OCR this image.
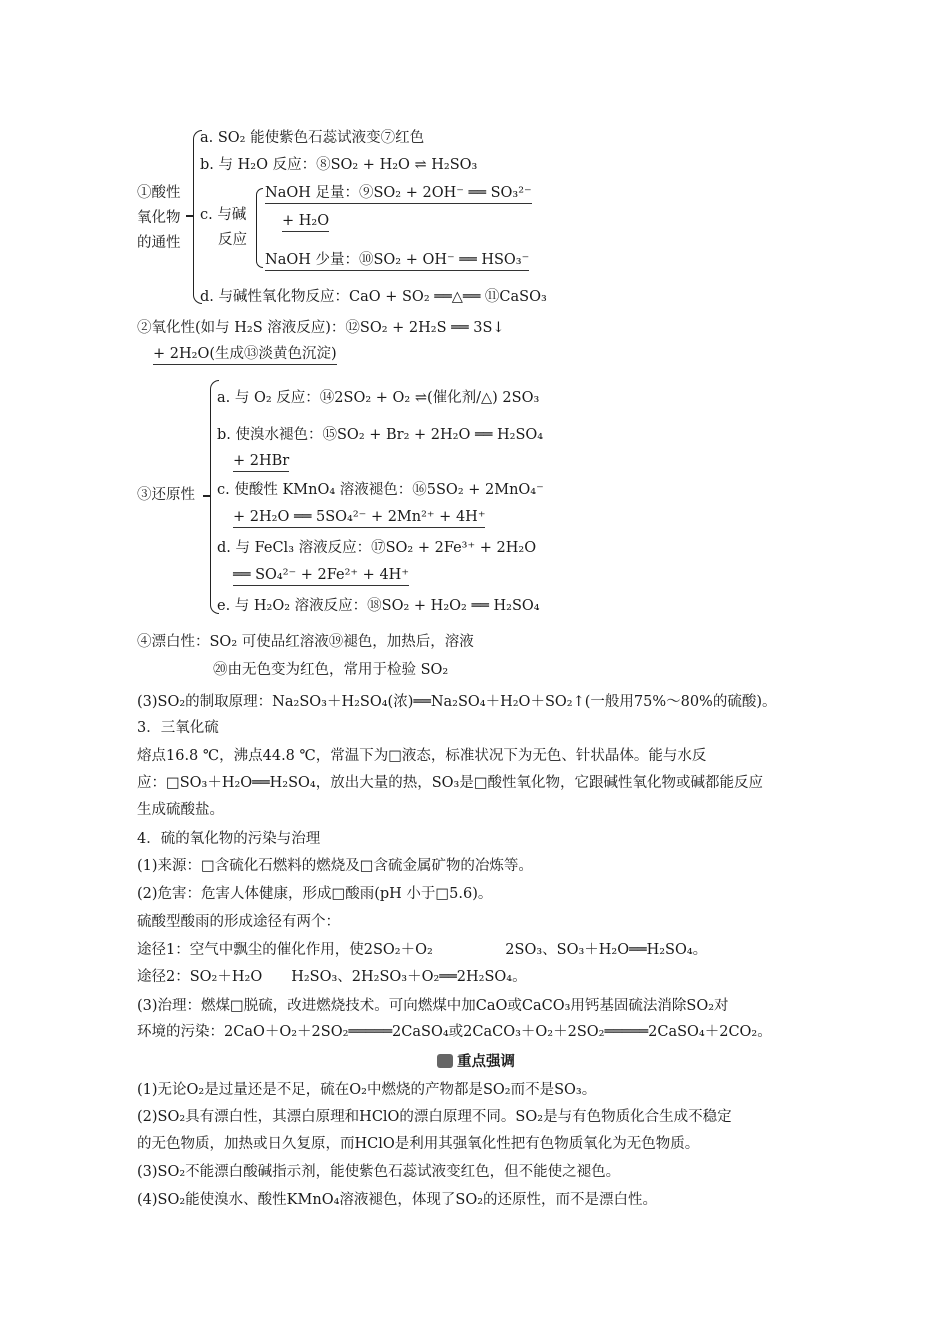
①酸性
氧化物
的通性
a. SO₂ 能使紫色石蕊试液变⑦红色
b. 与 H₂O 反应：⑧SO₂ + H₂O ⇌ H₂SO₃
c. 与碱
反应
NaOH 足量：⑨SO₂ + 2OH⁻ ══ SO₃²⁻
+ H₂O
NaOH 少量：⑩SO₂ + OH⁻ ══ HSO₃⁻
d. 与碱性氧化物反应：CaO + SO₂ ══△══ ⑪CaSO₃
②氧化性(如与 H₂S 溶液反应)：⑫SO₂ + 2H₂S ══ 3S↓
+ 2H₂O(生成⑬淡黄色沉淀)
③还原性
a. 与 O₂ 反应：⑭2SO₂ + O₂ ⇌(催化剂/△) 2SO₃
b. 使溴水褪色：⑮SO₂ + Br₂ + 2H₂O ══ H₂SO₄
+ 2HBr
c. 使酸性 KMnO₄ 溶液褪色：⑯5SO₂ + 2MnO₄⁻
+ 2H₂O ══ 5SO₄²⁻ + 2Mn²⁺ + 4H⁺
d. 与 FeCl₃ 溶液反应：⑰SO₂ + 2Fe³⁺ + 2H₂O
══ SO₄²⁻ + 2Fe²⁺ + 4H⁺
e. 与 H₂O₂ 溶液反应：⑱SO₂ + H₂O₂ ══ H₂SO₄
④漂白性：SO₂ 可使品红溶液⑲褪色，加热后，溶液
⑳由无色变为红色，常用于检验 SO₂
(3)SO₂的制取原理：Na₂SO₃＋H₂SO₄(浓)══Na₂SO₄＋H₂O＋SO₂↑(一般用75%～80%的硫酸)。
3．三氧化硫
熔点16.8 ℃，沸点44.8 ℃，常温下为□液态，标准状况下为无色、针状晶体。能与水反
应：□SO₃＋H₂O══H₂SO₄，放出大量的热，SO₃是□酸性氧化物，它跟碱性氧化物或碱都能反应
生成硫酸盐。
4．硫的氧化物的污染与治理
(1)来源：□含硫化石燃料的燃烧及□含硫金属矿物的冶炼等。
(2)危害：危害人体健康，形成□酸雨(pH 小于□5.6)。
硫酸型酸雨的形成途径有两个：
途径1：空气中飘尘的催化作用，使2SO₂＋O₂　　　　　2SO₃、SO₃＋H₂O══H₂SO₄。
途径2：SO₂＋H₂O　　H₂SO₃、2H₂SO₃＋O₂══2H₂SO₄。
(3)治理：燃煤□脱硫，改进燃烧技术。可向燃煤中加CaO或CaCO₃用钙基固硫法消除SO₂对
环境的污染：2CaO＋O₂＋2SO₂═════2CaSO₄或2CaCO₃＋O₂＋2SO₂═════2CaSO₄＋2CO₂。
重点强调
(1)无论O₂是过量还是不足，硫在O₂中燃烧的产物都是SO₂而不是SO₃。
(2)SO₂具有漂白性，其漂白原理和HClO的漂白原理不同。SO₂是与有色物质化合生成不稳定
的无色物质，加热或日久复原，而HClO是利用其强氧化性把有色物质氧化为无色物质。
(3)SO₂不能漂白酸碱指示剂，能使紫色石蕊试液变红色，但不能使之褪色。
(4)SO₂能使溴水、酸性KMnO₄溶液褪色，体现了SO₂的还原性，而不是漂白性。
